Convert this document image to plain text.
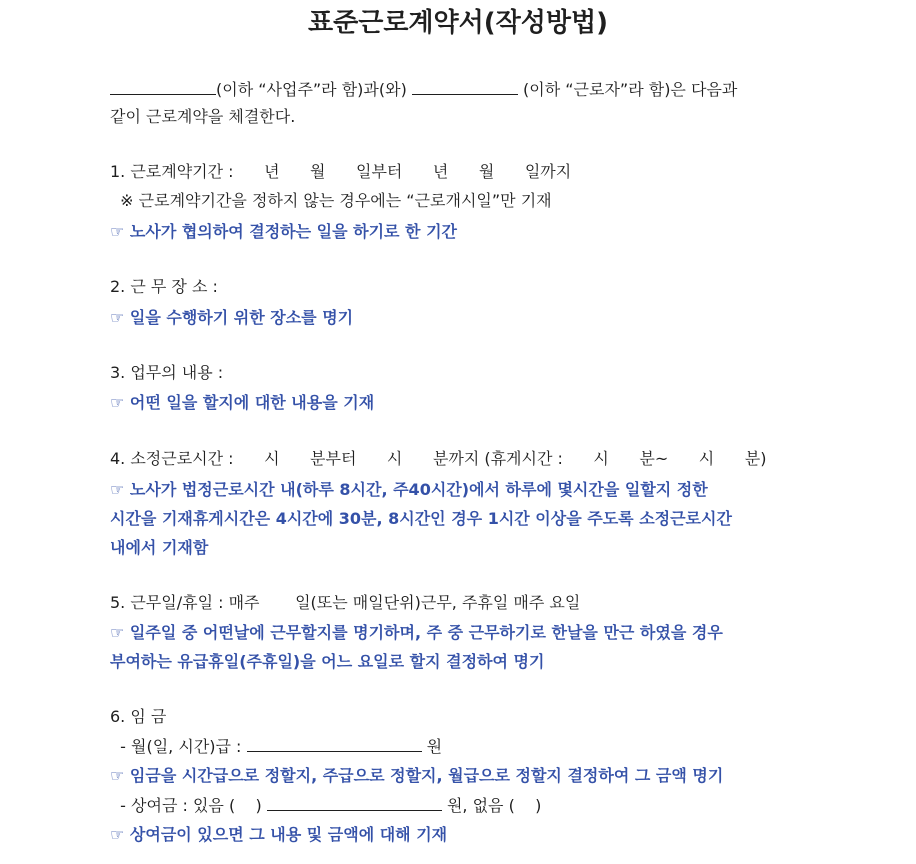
표준근로계약서(작성방법)
(이하 “사업주”라 함)과(와)	(이하 “근로자”라 함)은 다음과
같이 근로계약을 체결한다.
1. 근로계약기간 :      년      월      일부터      년      월      일까지
※ 근로계약기간을 정하지 않는 경우에는 “근로개시일”만 기재
☞ 노사가 협의하여 결정하는 일을 하기로 한 기간
2. 근 무 장 소 :
☞ 일을 수행하기 위한 장소를 명기
3. 업무의 내용 :
☞ 어떤 일을 할지에 대한 내용을 기재
4. 소정근로시간 :      시      분부터      시      분까지 (휴게시간 :      시      분~      시      분)
☞ 노사가 법정근로시간 내(하루 8시간, 주40시간)에서 하루에 몇시간을 일할지 정한
시간을 기재휴게시간은 4시간에 30분, 8시간인 경우 1시간 이상을 주도록 소정근로시간
내에서 기재함
5. 근무일/휴일 : 매주       일(또는 매일단위)근무, 주휴일 매주 요일
☞ 일주일 중 어떤날에 근무할지를 명기하며, 주 중 근무하기로 한날을 만근 하였을 경우
부여하는 유급휴일(주휴일)을 어느 요일로 할지 결정하여 명기
6. 임 금
- 월(일, 시간)급 :	원
☞ 임금을 시간급으로 정할지, 주급으로 정할지, 월급으로 정할지 결정하여 그 금액 명기
- 상여금 : 있음 (    )	원, 없음 (    )
☞ 상여금이 있으면 그 내용 및 금액에 대해 기재
